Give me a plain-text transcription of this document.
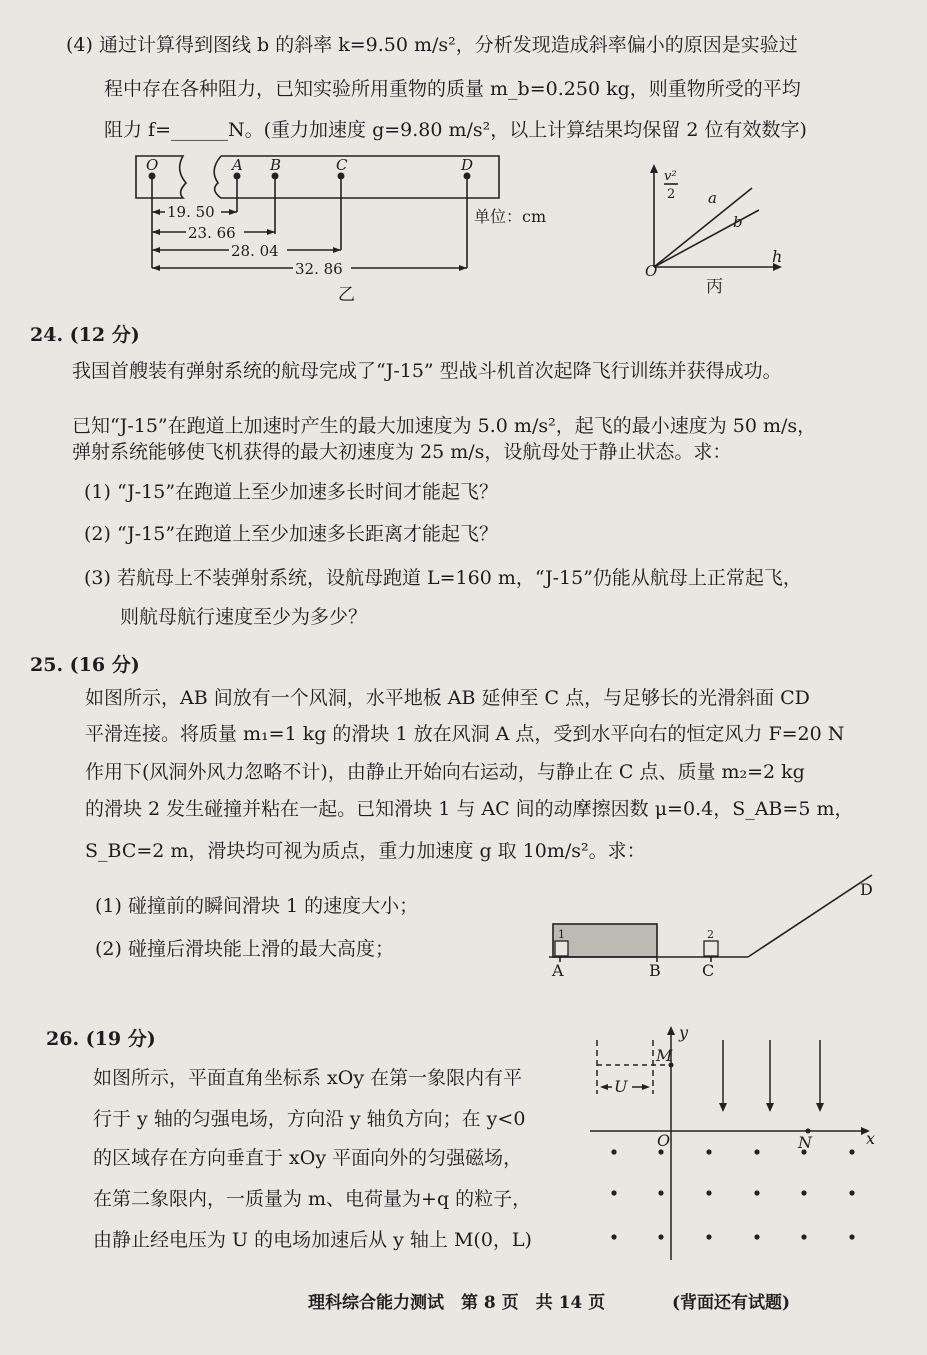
(4) 通过计算得到图线 b 的斜率 k=9.50 m/s²，分析发现造成斜率偏小的原因是实验过
程中存在各种阻力，已知实验所用重物的质量 m_b=0.250 kg，则重物所受的平均
阻力 f=______N。(重力加速度 g=9.80 m/s²，以上计算结果均保留 2 位有效数字)
O	A B	C	D
19. 50
23. 66
28. 04
32. 86
单位：cm
乙
v²
2
h
O
a
b
丙
1	2
A	B	C
D
M
U
y
x
O	N
24. (12 分)
我国首艘装有弹射系统的航母完成了“J-15” 型战斗机首次起降飞行训练并获得成功。
已知“J-15”在跑道上加速时产生的最大加速度为 5.0 m/s²，起飞的最小速度为 50 m/s，
弹射系统能够使飞机获得的最大初速度为 25 m/s，设航母处于静止状态。求：
(1) “J-15”在跑道上至少加速多长时间才能起飞？
(2) “J-15”在跑道上至少加速多长距离才能起飞？
(3) 若航母上不装弹射系统，设航母跑道 L=160 m，“J-15”仍能从航母上正常起飞，
则航母航行速度至少为多少？
25. (16 分)
如图所示，AB 间放有一个风洞，水平地板 AB 延伸至 C 点，与足够长的光滑斜面 CD
平滑连接。将质量 m₁=1 kg 的滑块 1 放在风洞 A 点，受到水平向右的恒定风力 F=20 N
作用下(风洞外风力忽略不计)，由静止开始向右运动，与静止在 C 点、质量 m₂=2 kg
的滑块 2 发生碰撞并粘在一起。已知滑块 1 与 AC 间的动摩擦因数 μ=0.4，S_AB=5 m，
S_BC=2 m，滑块均可视为质点，重力加速度 g 取 10m/s²。求：
(1) 碰撞前的瞬间滑块 1 的速度大小；
(2) 碰撞后滑块能上滑的最大高度；
26. (19 分)
如图所示，平面直角坐标系 xOy 在第一象限内有平
行于 y 轴的匀强电场，方向沿 y 轴负方向；在 y<0
的区域存在方向垂直于 xOy 平面向外的匀强磁场，
在第二象限内，一质量为 m、电荷量为+q 的粒子，
由静止经电压为 U 的电场加速后从 y 轴上 M(0，L)
理科综合能力测试　第 8 页　共 14 页	(背面还有试题)
